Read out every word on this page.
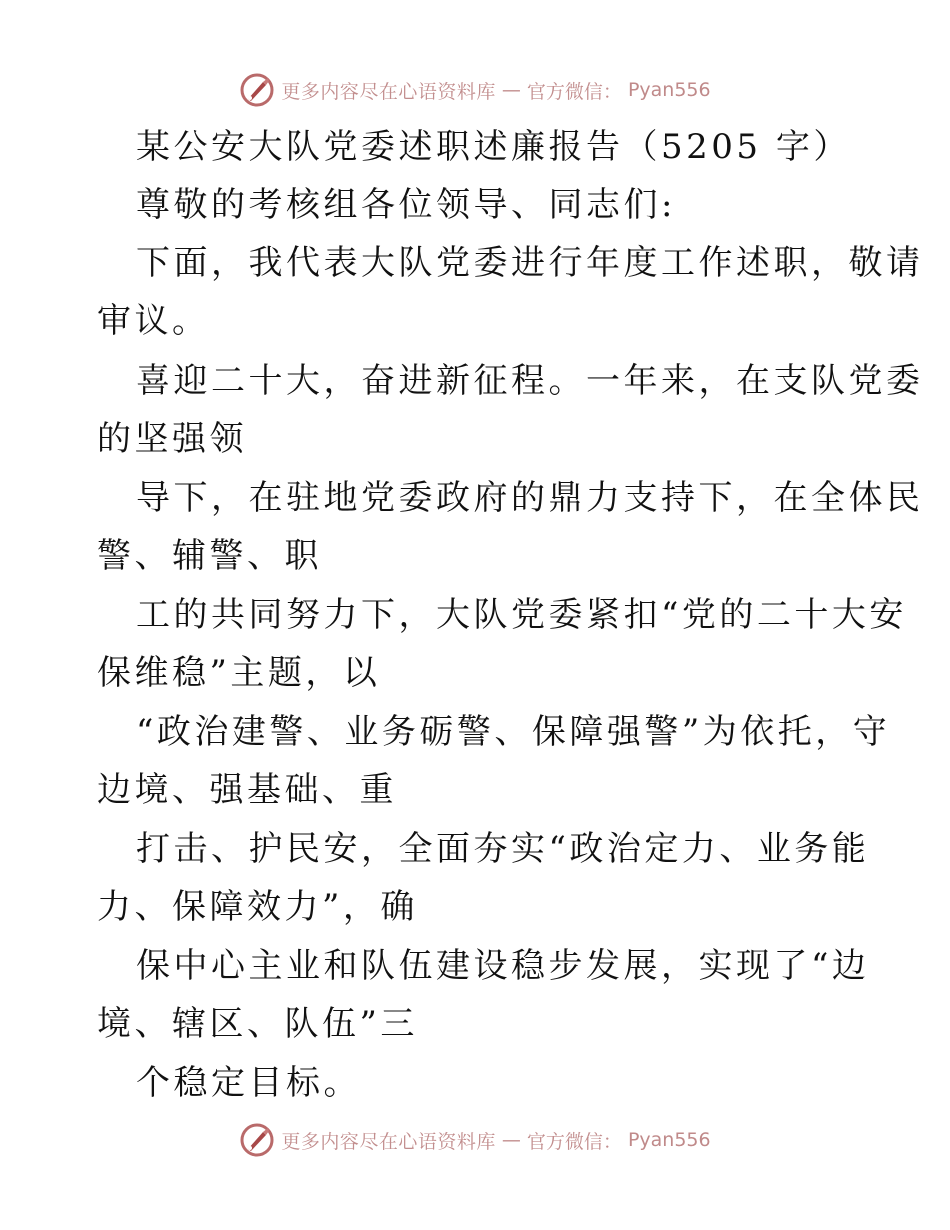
更多内容尽在心语资料库 — 官方微信： Pyan556
某公安大队党委述职述廉报告（5205 字）
尊敬的考核组各位领导、同志们:
下面，我代表大队党委进行年度工作述职，敬请
审议。
喜迎二十大，奋进新征程。一年来，在支队党委
的坚强领
导下，在驻地党委政府的鼎力支持下，在全体民
警、辅警、职
工的共同努力下，大队党委紧扣“党的二十大安
保维稳”主题，以
“政治建警、业务砺警、保障强警”为依托，守
边境、强基础、重
打击、护民安，全面夯实“政治定力、业务能
力、保障效力”，确
保中心主业和队伍建设稳步发展，实现了“边
境、辖区、队伍”三
个稳定目标。
更多内容尽在心语资料库 — 官方微信： Pyan556
